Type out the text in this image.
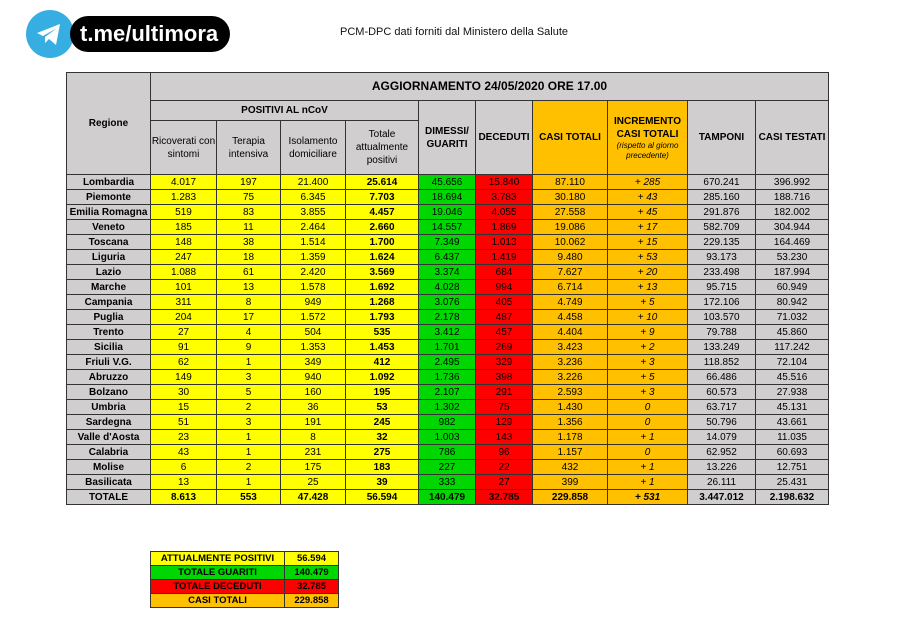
t.me/ultimora	PCM-DPC dati forniti dal Ministero della Salute
Regione	AGGIORNAMENTO 24/05/2020 ORE 17.00									
	POSITIVI AL nCoV				DIMESSI/ GUARITI	DECEDUTI	CASI TOTALI	INCREMENTO CASI TOTALI
(rispetto al giorno precedente)	TAMPONI	CASI TESTATI
	Ricoverati con sintomi	Terapia intensiva	Isolamento domiciliare	Totale attualmente positivi						
Lombardia	4.017	197	21.400	25.614	45.656	15.840	87.110	+ 285	670.241	396.992
Piemonte	1.283	75	6.345	7.703	18.694	3.783	30.180	+ 43	285.160	188.716
Emilia Romagna	519	83	3.855	4.457	19.046	4.055	27.558	+ 45	291.876	182.002
Veneto	185	11	2.464	2.660	14.557	1.869	19.086	+ 17	582.709	304.944
Toscana	148	38	1.514	1.700	7.349	1.013	10.062	+ 15	229.135	164.469
Liguria	247	18	1.359	1.624	6.437	1.419	9.480	+ 53	93.173	53.230
Lazio	1.088	61	2.420	3.569	3.374	684	7.627	+ 20	233.498	187.994
Marche	101	13	1.578	1.692	4.028	994	6.714	+ 13	95.715	60.949
Campania	311	8	949	1.268	3.076	405	4.749	+ 5	172.106	80.942
Puglia	204	17	1.572	1.793	2.178	487	4.458	+ 10	103.570	71.032
Trento	27	4	504	535	3.412	457	4.404	+ 9	79.788	45.860
Sicilia	91	9	1.353	1.453	1.701	269	3.423	+ 2	133.249	117.242
Friuli V.G.	62	1	349	412	2.495	329	3.236	+ 3	118.852	72.104
Abruzzo	149	3	940	1.092	1.736	398	3.226	+ 5	66.486	45.516
Bolzano	30	5	160	195	2.107	291	2.593	+ 3	60.573	27.938
Umbria	15	2	36	53	1.302	75	1.430	0	63.717	45.131
Sardegna	51	3	191	245	982	129	1.356	0	50.796	43.661
Valle d'Aosta	23	1	8	32	1.003	143	1.178	+ 1	14.079	11.035
Calabria	43	1	231	275	786	96	1.157	0	62.952	60.693
Molise	6	2	175	183	227	22	432	+ 1	13.226	12.751
Basilicata	13	1	25	39	333	27	399	+ 1	26.111	25.431
TOTALE	8.613	553	47.428	56.594	140.479	32.785	229.858	+ 531	3.447.012	2.198.632
ATTUALMENTE POSITIVI	56.594
TOTALE GUARITI	140.479
TOTALE DECEDUTI	32.785
CASI TOTALI	229.858
